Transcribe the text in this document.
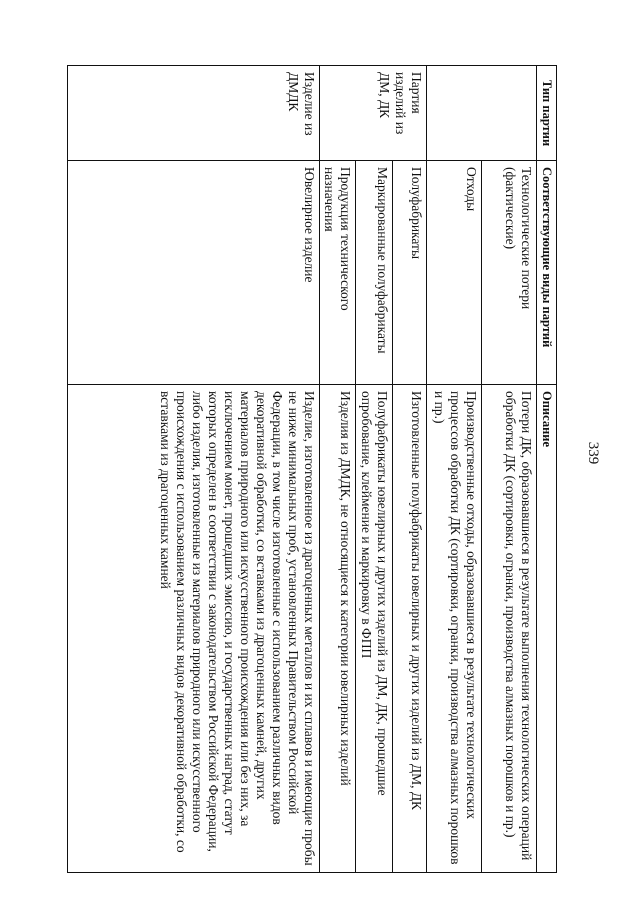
339
Тип партии	Соответствующие виды партий	Описание
	Технологические потери (фактические)	Потери ДК, образовавшиеся в результате выполнения технологических операций обработки ДК (сортировки, огранки, производства алмазных порошков и пр.)
	Отходы	Производственные отходы, образовавшиеся в результате технологических процессов обработки ДК (сортировки, огранки, производства алмазных порошков и пр.)
Партия изделий из ДМ, ДК	Полуфабрикаты	Изготовленные полуфабрикаты ювелирных и других изделий из ДМ, ДК
	Маркированные полуфабрикаты	Полуфабрикаты ювелирных и других изделий из ДМ, ДК, прошедшие опробование, клеймение и маркировку в ФПП
	Продукция технического назначения	Изделия из ДМДК, не относящиеся к категории ювелирных изделий
Изделие из ДМДК	Ювелирное изделие	Изделие, изготовленное из драгоценных металлов и их сплавов и имеющие пробы не ниже минимальных проб, установленных Правительством Российской Федерации, в том числе изготовленные с использованием различных видов декоративной обработки, со вставками из драгоценных камней, других материалов природного или искусственного происхождения или без них, за исключением монет, прошедших эмиссию, и государственных наград, статут которых определен в соответствии с законодательством Российской Федерации, либо изделия, изготовленные из материалов природного или искусственного происхождения с использованием различных видов декоративной обработки, со вставками из драгоценных камней
